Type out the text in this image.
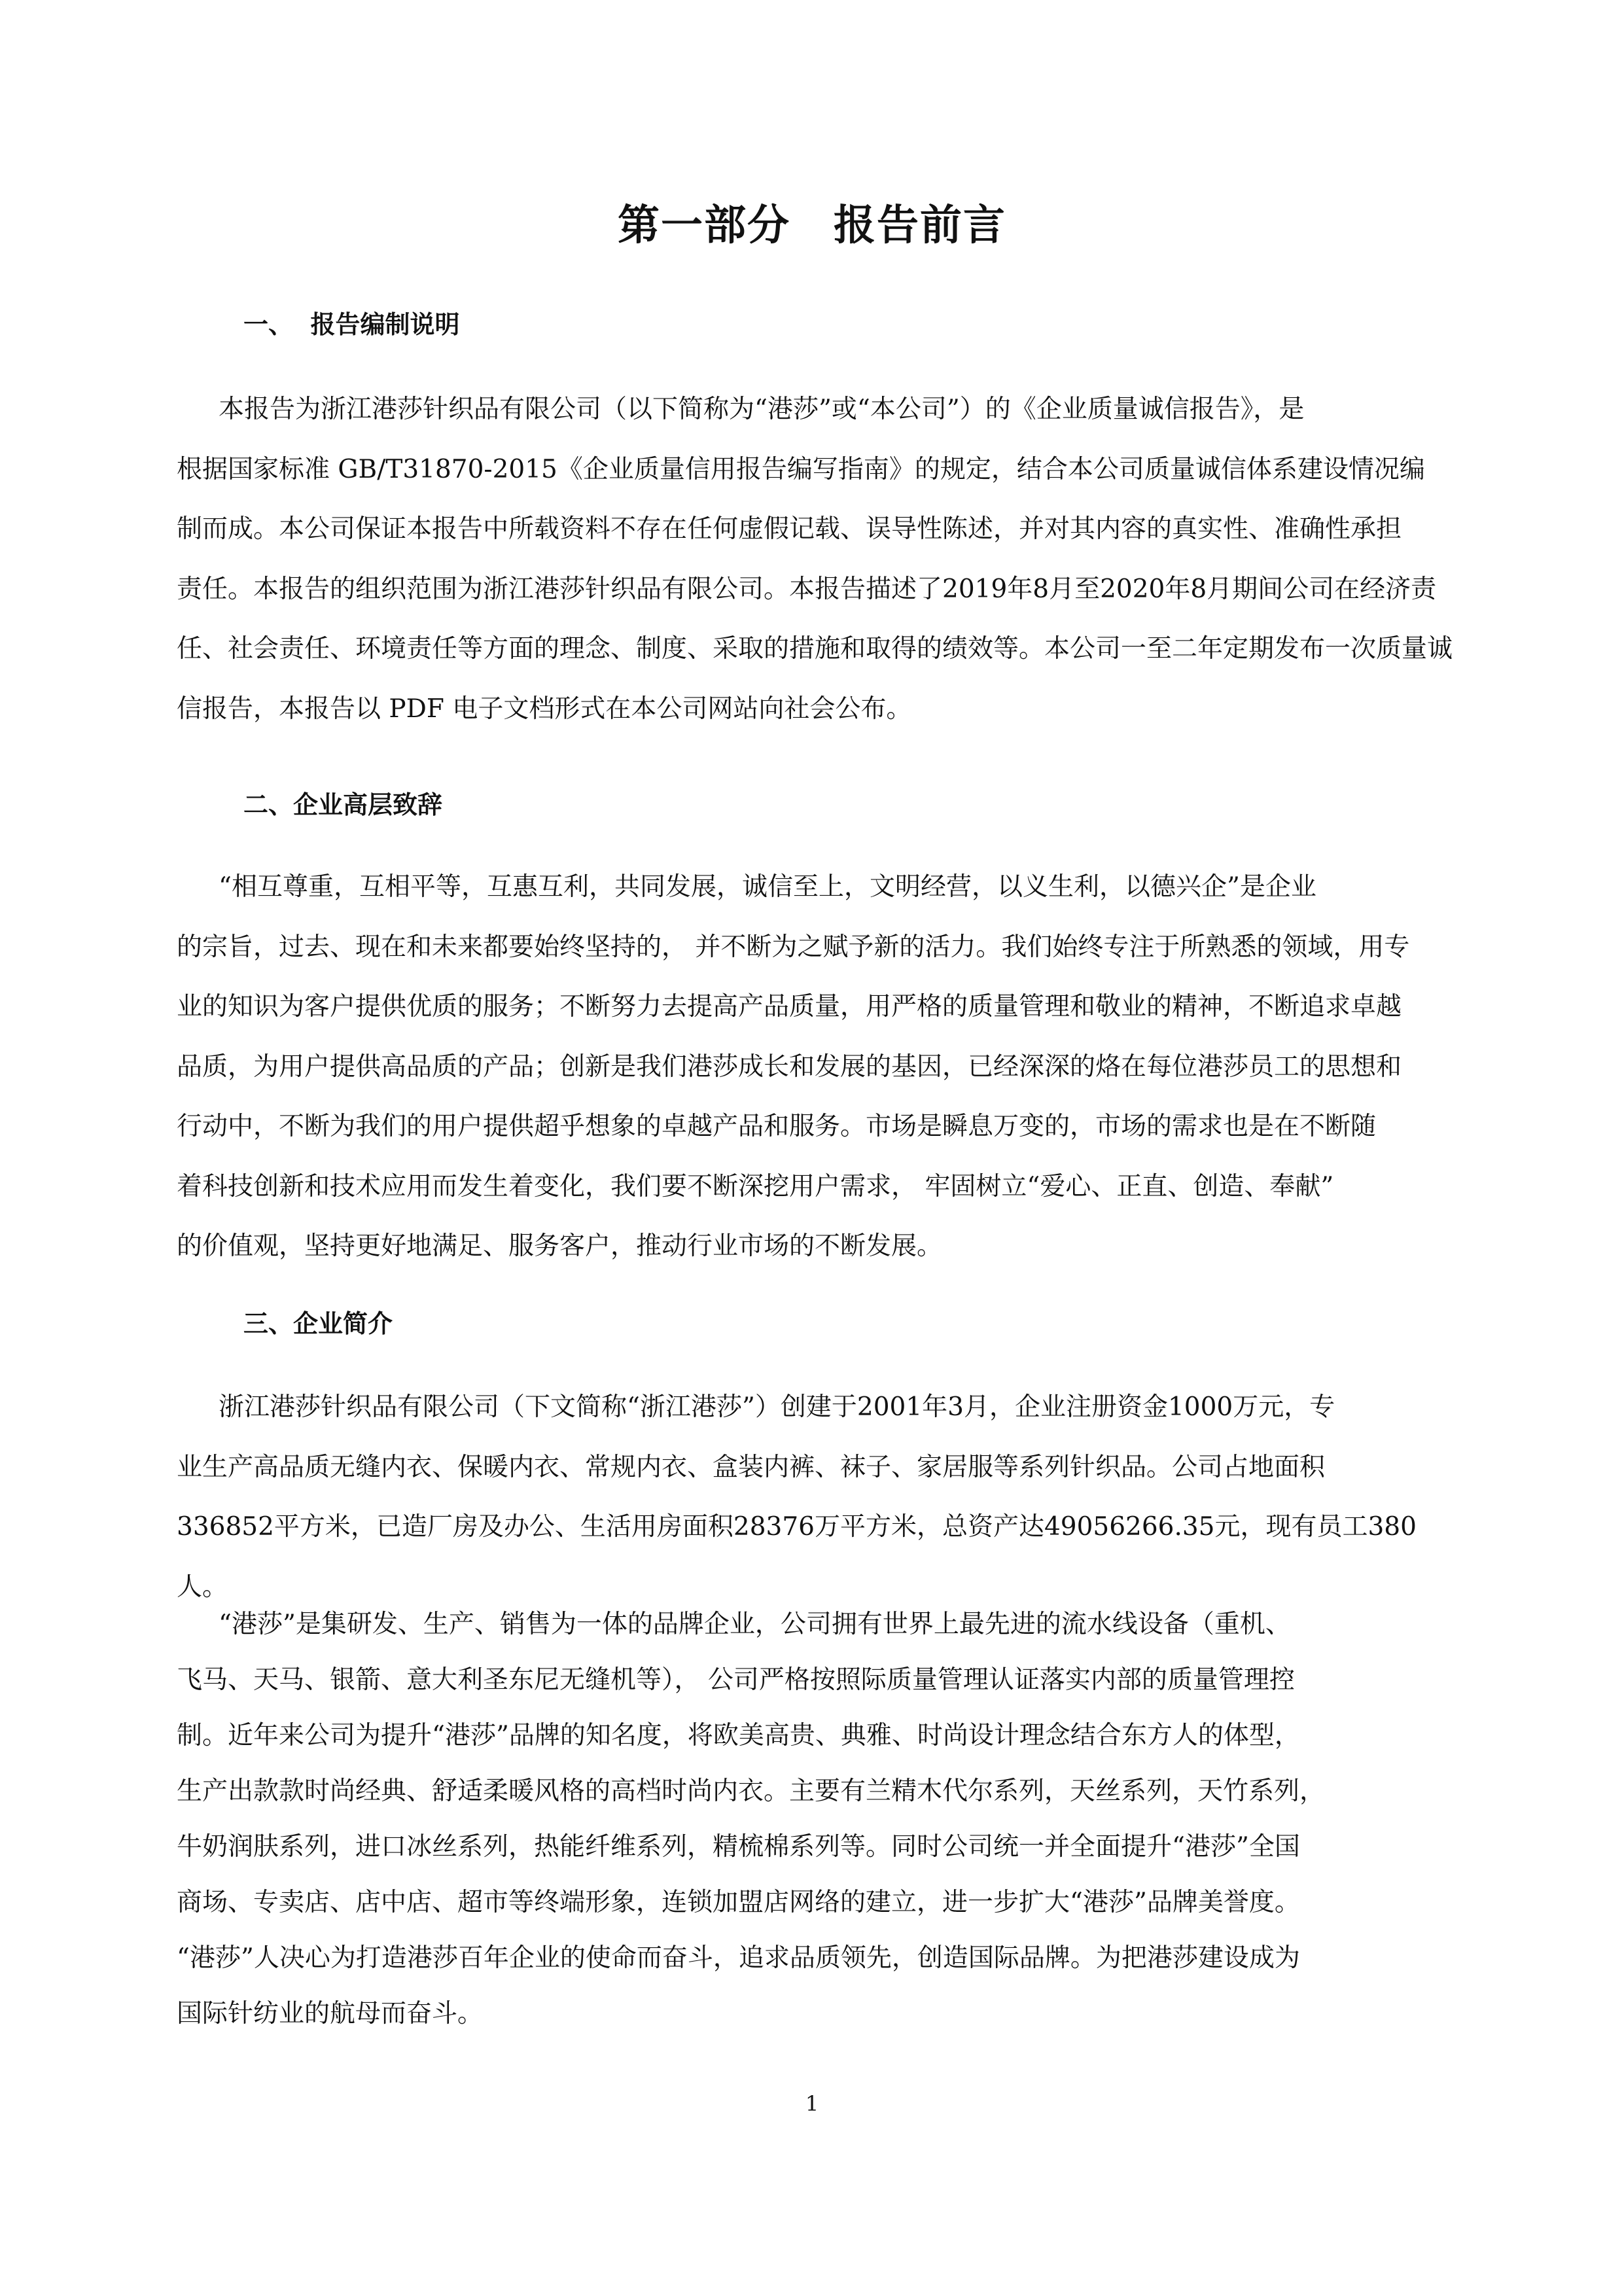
第一部分　报告前言
一、  报告编制说明
本报告为浙江港莎针织品有限公司（以下简称为“港莎”或“本公司”）的《企业质量诚信报告》，是
根据国家标准 GB/T31870-2015《企业质量信用报告编写指南》的规定，结合本公司质量诚信体系建设情况编
制而成。本公司保证本报告中所载资料不存在任何虚假记载、误导性陈述，并对其内容的真实性、准确性承担
责任。本报告的组织范围为浙江港莎针织品有限公司。本报告描述了2019年8月至2020年8月期间公司在经济责
任、社会责任、环境责任等方面的理念、制度、采取的措施和取得的绩效等。本公司一至二年定期发布一次质量诚
信报告，本报告以 PDF 电子文档形式在本公司网站向社会公布。
二、企业高层致辞
“相互尊重，互相平等，互惠互利，共同发展，诚信至上，文明经营，以义生利，以德兴企”是企业
的宗旨，过去、现在和未来都要始终坚持的， 并不断为之赋予新的活力。我们始终专注于所熟悉的领域，用专
业的知识为客户提供优质的服务；不断努力去提高产品质量，用严格的质量管理和敬业的精神，不断追求卓越
品质，为用户提供高品质的产品；创新是我们港莎成长和发展的基因，已经深深的烙在每位港莎员工的思想和
行动中，不断为我们的用户提供超乎想象的卓越产品和服务。市场是瞬息万变的，市场的需求也是在不断随
着科技创新和技术应用而发生着变化，我们要不断深挖用户需求， 牢固树立“爱心、正直、创造、奉献”
的价值观，坚持更好地满足、服务客户，推动行业市场的不断发展。
三、企业简介
浙江港莎针织品有限公司（下文简称“浙江港莎”）创建于2001年3月，企业注册资金1000万元，专
业生产高品质无缝内衣、保暖内衣、常规内衣、盒装内裤、袜子、家居服等系列针织品。公司占地面积
336852平方米，已造厂房及办公、生活用房面积28376万平方米，总资产达49056266.35元，现有员工380
人。
“港莎”是集研发、生产、销售为一体的品牌企业，公司拥有世界上最先进的流水线设备（重机、
飞马、天马、银箭、意大利圣东尼无缝机等）， 公司严格按照际质量管理认证落实内部的质量管理控
制。近年来公司为提升“港莎”品牌的知名度，将欧美高贵、典雅、时尚设计理念结合东方人的体型，
生产出款款时尚经典、舒适柔暖风格的高档时尚内衣。主要有兰精木代尔系列，天丝系列，天竹系列，
牛奶润肤系列，进口冰丝系列，热能纤维系列，精梳棉系列等。同时公司统一并全面提升“港莎”全国
商场、专卖店、店中店、超市等终端形象，连锁加盟店网络的建立，进一步扩大“港莎”品牌美誉度。
“港莎”人决心为打造港莎百年企业的使命而奋斗，追求品质领先，创造国际品牌。为把港莎建设成为
国际针纺业的航母而奋斗。
1
